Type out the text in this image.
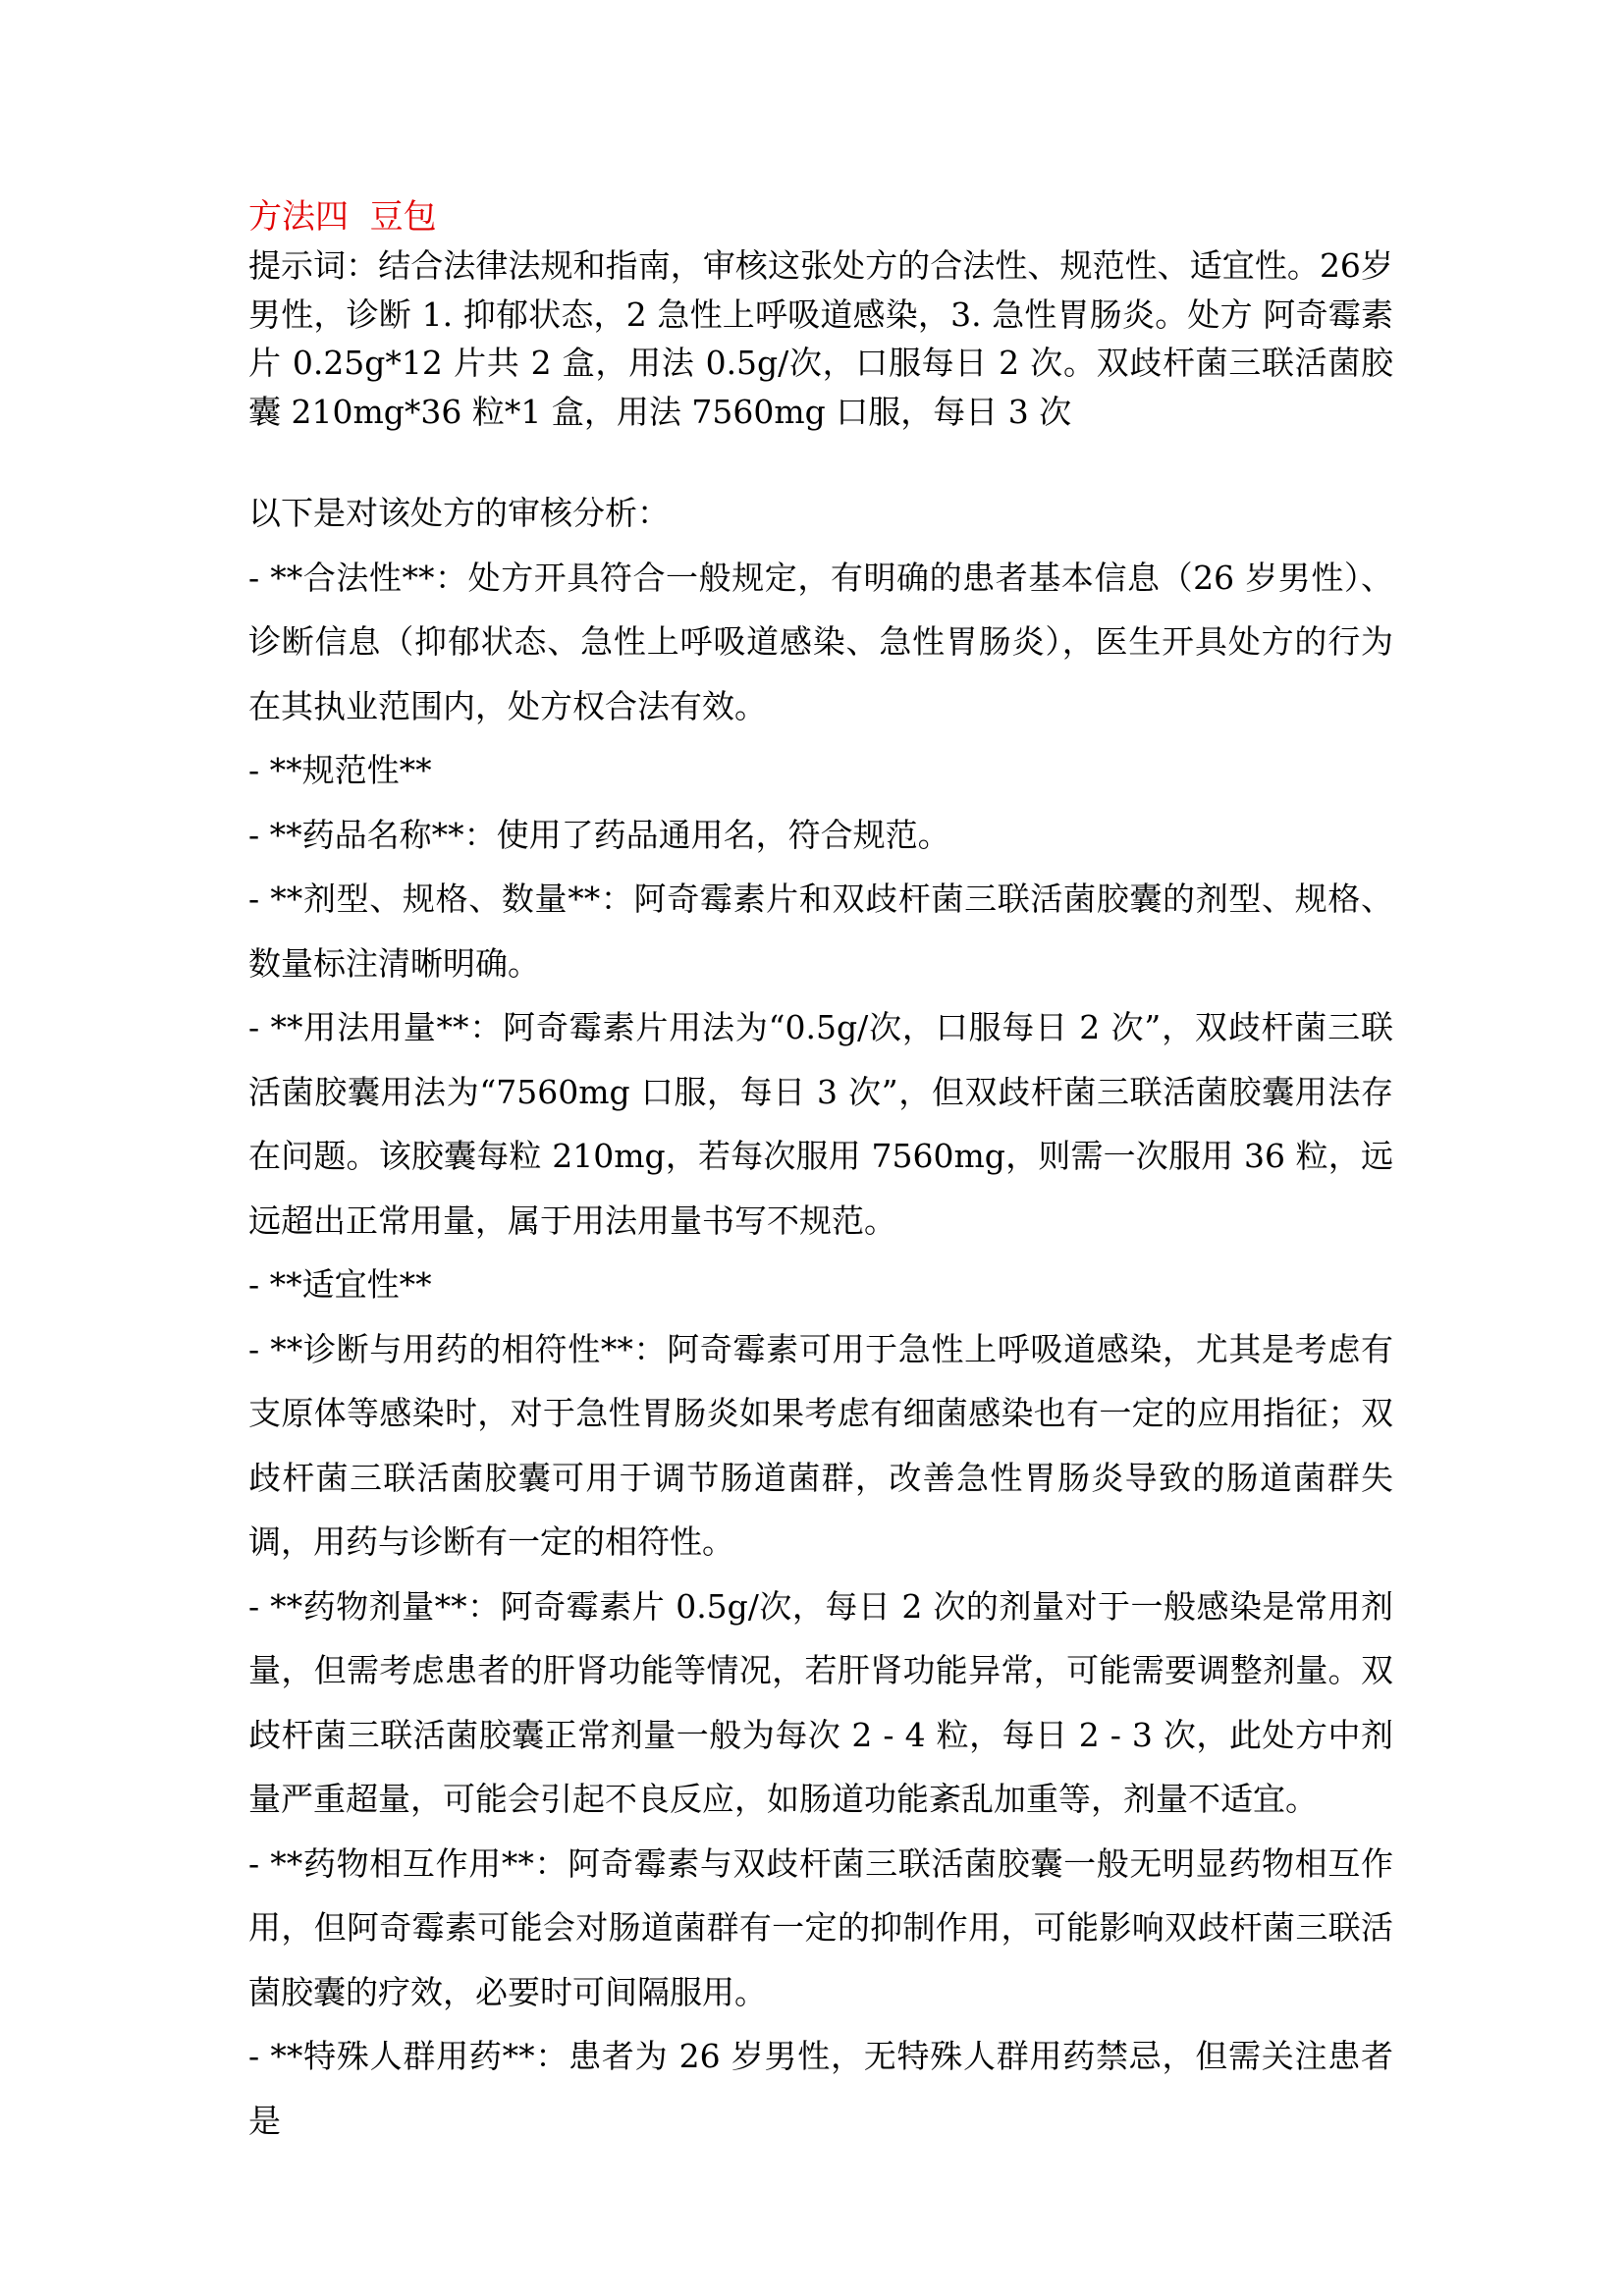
方法四  豆包

提示词：结合法律法规和指南，审核这张处方的合法性、规范性、适宜性。26岁男性，诊断 1. 抑郁状态，2 急性上呼吸道感染，3. 急性胃肠炎。处方 阿奇霉素片 0.25g*12 片共 2 盒，用法 0.5g/次，口服每日 2 次。双歧杆菌三联活菌胶囊 210mg*36 粒*1 盒，用法 7560mg 口服，每日 3 次

以下是对该处方的审核分析：

- **合法性**：处方开具符合一般规定，有明确的患者基本信息（26 岁男性）、诊断信息（抑郁状态、急性上呼吸道感染、急性胃肠炎），医生开具处方的行为在其执业范围内，处方权合法有效。

- **规范性**

- **药品名称**：使用了药品通用名，符合规范。

- **剂型、规格、数量**：阿奇霉素片和双歧杆菌三联活菌胶囊的剂型、规格、数量标注清晰明确。

- **用法用量**：阿奇霉素片用法为“0.5g/次，口服每日 2 次”，双歧杆菌三联活菌胶囊用法为“7560mg 口服，每日 3 次”，但双歧杆菌三联活菌胶囊用法存在问题。该胶囊每粒 210mg，若每次服用 7560mg，则需一次服用 36 粒，远远超出正常用量，属于用法用量书写不规范。

- **适宜性**

- **诊断与用药的相符性**：阿奇霉素可用于急性上呼吸道感染，尤其是考虑有支原体等感染时，对于急性胃肠炎如果考虑有细菌感染也有一定的应用指征；双歧杆菌三联活菌胶囊可用于调节肠道菌群，改善急性胃肠炎导致的肠道菌群失调，用药与诊断有一定的相符性。

- **药物剂量**：阿奇霉素片 0.5g/次，每日 2 次的剂量对于一般感染是常用剂量，但需考虑患者的肝肾功能等情况，若肝肾功能异常，可能需要调整剂量。双歧杆菌三联活菌胶囊正常剂量一般为每次 2 - 4 粒，每日 2 - 3 次，此处方中剂量严重超量，可能会引起不良反应，如肠道功能紊乱加重等，剂量不适宜。

- **药物相互作用**：阿奇霉素与双歧杆菌三联活菌胶囊一般无明显药物相互作用，但阿奇霉素可能会对肠道菌群有一定的抑制作用，可能影响双歧杆菌三联活菌胶囊的疗效，必要时可间隔服用。

- **特殊人群用药**：患者为 26 岁男性，无特殊人群用药禁忌，但需关注患者是
